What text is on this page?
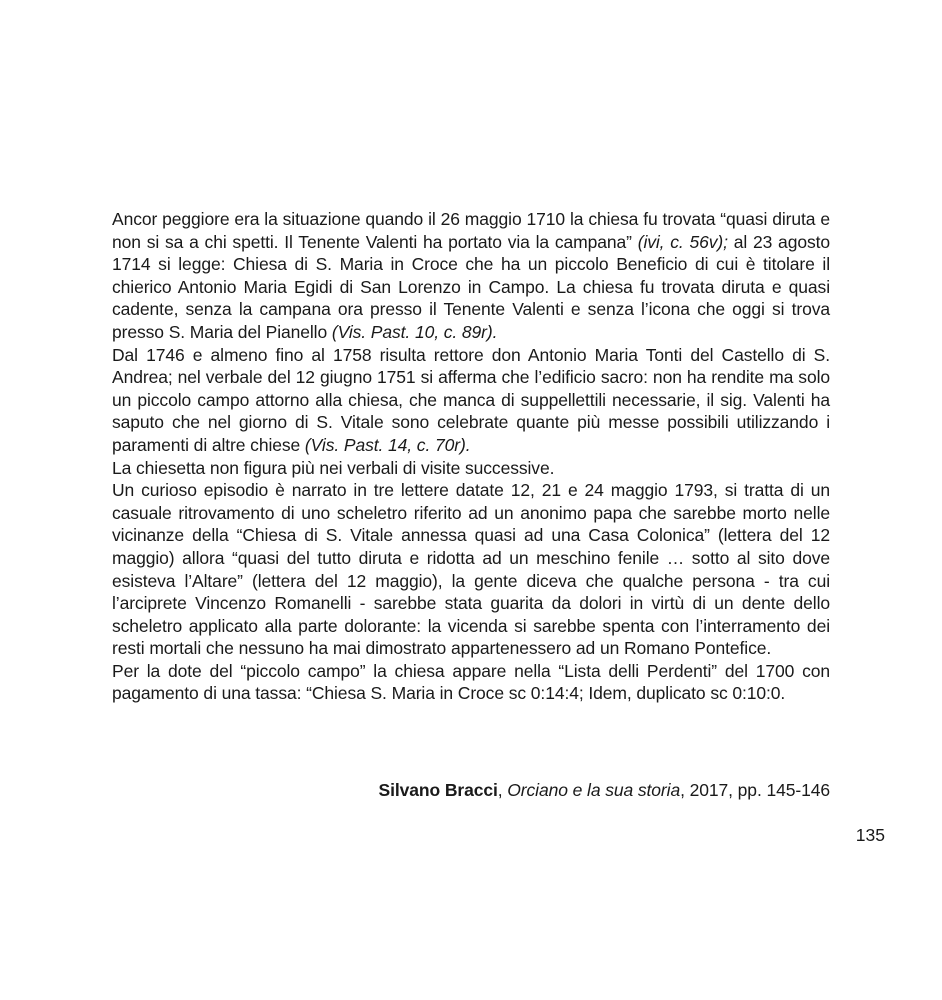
Ancor peggiore era la situazione quando il 26 maggio 1710 la chiesa fu trovata “quasi diruta e non si sa a chi spetti. Il Tenente Valenti ha portato via la campana” (ivi, c. 56v); al 23 agosto 1714 si legge: Chiesa di S. Maria in Croce che ha un piccolo Beneficio di cui è titolare il chierico Antonio Maria Egidi di San Lorenzo in Campo. La chiesa fu trovata diruta e quasi cadente, senza la campana ora presso il Tenente Valenti e senza l’icona che oggi si trova presso S. Maria del Pianello (Vis. Past. 10, c. 89r).

Dal 1746 e almeno fino al 1758 risulta rettore don Antonio Maria Tonti del Castello di S. Andrea; nel verbale del 12 giugno 1751 si afferma che l’edificio sacro: non ha rendite ma solo un piccolo campo attorno alla chiesa, che manca di suppellettili necessarie, il sig. Valenti ha saputo che nel giorno di S. Vitale sono celebrate quante più messe possibili utilizzando i paramenti di altre chiese (Vis. Past. 14, c. 70r).

La chiesetta non figura più nei verbali di visite successive.

Un curioso episodio è narrato in tre lettere datate 12, 21 e 24 maggio 1793, si tratta di un casuale ritrovamento di uno scheletro riferito ad un anonimo papa che sarebbe morto nelle vicinanze della “Chiesa di S. Vitale annessa quasi ad una Casa Colonica” (lettera del 12 maggio) allora “quasi del tutto diruta e ridotta ad un meschino fenile … sotto al sito dove esisteva l’Altare” (lettera del 12 maggio), la gente diceva che qualche persona - tra cui l’arciprete Vincenzo Romanelli - sarebbe stata guarita da dolori in virtù di un dente dello scheletro applicato alla parte dolorante: la vicenda si sarebbe spenta con l’interramento dei resti mortali che nessuno ha mai dimostrato appartenessero ad un Romano Pontefice.

Per la dote del “piccolo campo” la chiesa appare nella “Lista delli Perdenti” del 1700 con pagamento di una tassa: “Chiesa S. Maria in Croce sc 0:14:4; Idem, duplicato sc 0:10:0.

Silvano Bracci, Orciano e la sua storia, 2017, pp. 145-146
135
